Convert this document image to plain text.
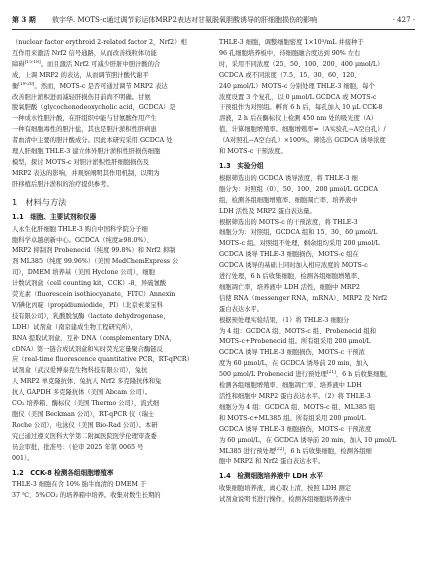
第 3 期 敖宇华. MOTS-c通过调节彩运体MRP2表达对甘氨脱氧胆酸诱导的肝细胞损伤的影响	· 427 ·

（nuclear factor erythroid 2-related factor 2，Nrf2）相
互作用来激活 Nrf2 信号通路，从而改善线粒体功能
障碍[15-18]。而且激活 Nrf2 可减少肝脏中胆汁酸的合
成，上调 MRP2 的表达，从而调节胆汁酸代谢平
衡[19-20]。然而，MOTS-c 是否可通过调节 MRP2 表达
改善胆汁淤积进而减轻肝损伤目前尚不明确。甘氨
脱氧胆酸（glycochenodeoxycholic acid，GCDCA）是
一种成水性胆汁酸，在肝组织中能与甘氨酸作用产生
一种有细胞毒性的胆汁盐，其也是胆汁淤积性肝病患
者血清中主要的胆汁酸成分。因此本研究采用 GCDCA 处
理人肝细胞 THLE-3 建立体外胆汁淤积性肝损伤细胞
模型，探讨 MOTS-c 对胆汁淤积性肝细胞损伤及
MRP2 表达的影响，并观察阐明其作用机制，以期为
肝移植后胆汁淤积的治疗提供参考。

1　材料与方法
1.1　细胞、主要试剂和仪器

人永生化肝细胞 THLE-3 购自中国科学院分子细
胞科学卓越创新中心。GCDCA（纯度≥98.0%）、
MRP2 抑制剂 Probenecid（纯度 99.8%）和 Nrf2 抑制
剂 ML385（纯度 99.96%）（美国 MedChemExpress 公
司），DMEM 培养基（美国 Hyclone 公司），细胞
计数试剂盒（cell counting kit，CCK）-8、异硫氰酸
荧光素（fluorescein isothiocyanate，FITC）Annexin
V/碘化丙啶（propidiumiodide，PI）（北京索莱宝科
技有限公司），乳酸脱氢酶（lactate dehydrogenase，
LDH）试剂盒（南京建成生物工程研究所），
RNA 提取试剂盒、互补 DNA（complementary DNA，
cDNA）第一链合成试剂盒和实时荧光定量聚合酶链反
应（real-time fluorescence quantitative PCR，RT-qPCR）
试剂盒（武汉爱博泰克生物科技有限公司），兔抗
人 MRP2 单克隆抗体、兔抗人 Nrf2 多克隆抗体和兔
抗人 GAPDH 多克隆抗体（美国 Abcam 公司）。
CO₂ 培养箱、酶标仪（美国 Thermo 公司），流式细
胞仪（美国 Beckman 公司），RT-qPCR 仪（瑞士
Roche 公司），电泳仪（美国 Bio-Rad 公司）。本研
究已通过遵义医科大学第二附属医院医学伦理审查委
员会审批，批准号：（伦审 2025 年第 0065 号
001）。

1.2　CCK-8 检测各组细胞增殖率

THLE-3 细胞在含 10% 胎牛血清的 DMEM 于
37 ℃、5%CO₂ 的培养箱中培养。收集对数生长期的

THLE-3 细胞，调整细胞密度 1×10⁵/mL 并接种于
96 孔细胞培养板中，待细胞融合度达到 90% 左右
时，采用不同浓度（25、50、100、200、400 μmol/L）
GCDCA 或不同浓度（7.5、15、30、60、120、
240 μmol/L）MOTS-c 分别处理 THLE-3 细胞，每个
浓度设置 3 个复孔，以 0 μmol/L GCDCA 或 MOTS-c
干预组作为对照组。孵育 6 h 后，每孔加入 10 μL CCK-8
溶液，2 h 后在酶标仪上检测 450 nm 处的吸光度（A）
值，计算细胞增殖率。细胞增殖率=（A实验孔−A空白孔）/
（A对照孔−A空白孔）×100%。筛选出 GCDCA 诱导浓度
和 MOTS-c 干预浓度。

1.3　实验分组

根据筛选出的 GCDCA 诱导浓度，将 THLE-3 细
胞分为：对照组（0）、50、100、200 μmol/L GCDCA
组，检测各组细胞增殖率、细胞凋亡率、培养液中
LDH 活性及 MRP2 蛋白表达量。
根据筛选出的 MOTS-c 的干预浓度，将 THLE-3
细胞分为：对照组，GCDCA 组和 15、30、60 μmol/L
MOTS-c 组。对照组不处理，剩余组均采用 200 μmol/L
GCDCA 诱导 THLE-3 细胞损伤，MOTS-c 组在
GCDCA 诱导的基础上同时加入相应浓度的 MOTS-c
进行处理，6 h 后收集细胞，检测各组细胞增殖率、
细胞凋亡率，培养液中 LDH 活性，细胞中 MRP2
信使 RNA（messenger RNA，mRNA）、MRP2 及 Nrf2
蛋白表达水平。
根据预处理实验结果，（1）将 THLE-3 细胞分
为 4 组：GCDCA 组、MOTS-c 组、Probenecid 组和
MOTS-c+Probenecid 组。所有组采用 200 μmol/L
GCDCA 诱导 THLE-3 细胞损伤，MOTS-c 干预浓
度为 60 μmol/L，在 GCDCA 诱导前 20 min，加入
500 μmol/L Probenecid 进行预处理[21]，6 h 后收集细胞，
检测各组细胞增殖率、细胞凋亡率、培养液中 LDH
活性和细胞中 MRP2 蛋白表达水平。（2）将 THLE-3
细胞分为 4 组：GCDCA 组、MOTS-c 组、ML385 组
和 MOTS-c+ML385 组。所有组采用 200 μmol/L
GCDCA 诱导 THLE-3 细胞损伤，MOTS-c 干预浓度
为 60 μmol/L，在 GCDCA 诱导前 20 min，加入 10 μmol/L
ML385 进行预处理[22]，6 h 后收集细胞，检测各组细
胞中 MRP2 和 Nrf2 蛋白表达水平。

1.4　检测细胞培养液中 LDH 水平

收集细胞培养液，离心取上清，按照 LDH 测定
试剂盒说明书进行操作，检测各组细胞培养液中
